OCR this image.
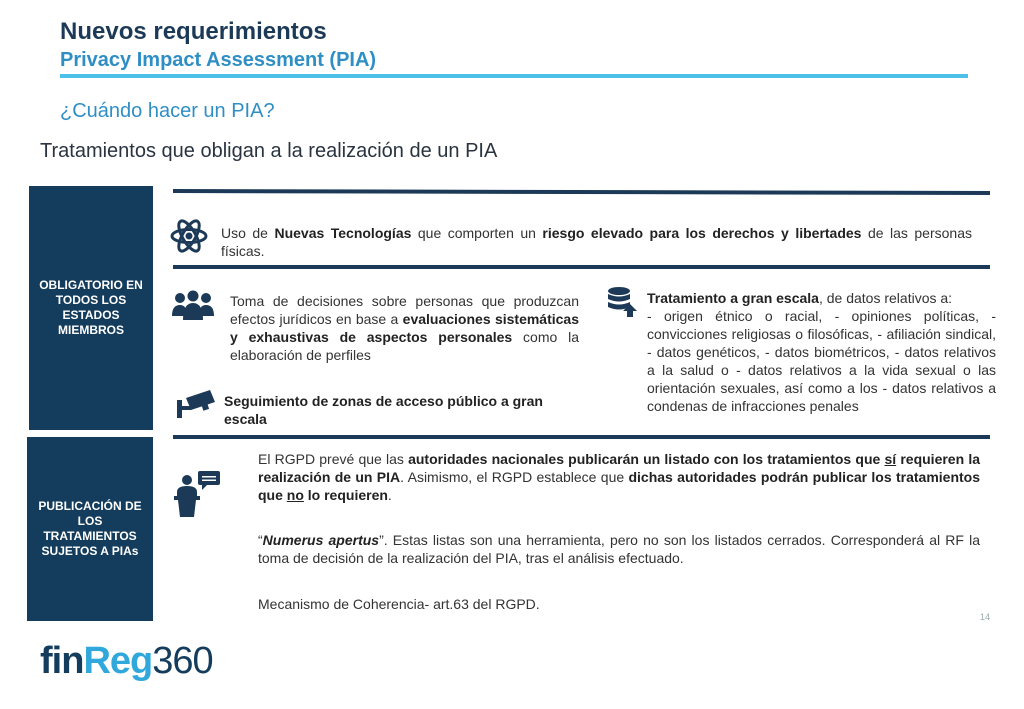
Nuevos requerimientos
Privacy Impact Assessment (PIA)
¿Cuándo hacer un PIA?
Tratamientos que obligan a la realización de un PIA
OBLIGATORIO EN TODOS LOS ESTADOS MIEMBROS
PUBLICACIÓN DE LOS TRATAMIENTOS SUJETOS A PIAs
Uso de Nuevas Tecnologías que comporten un riesgo elevado para los derechos y libertades de las personas físicas.
Toma de decisiones sobre personas que produzcan efectos jurídicos en base a evaluaciones sistemáticas y exhaustivas de aspectos personales como la elaboración de perfiles
Tratamiento a gran escala, de datos relativos a:
- origen étnico o racial, - opiniones políticas, - convicciones religiosas o filosóficas, - afiliación sindical, - datos genéticos, - datos biométricos, - datos relativos a la salud o - datos relativos a la vida sexual o las orientación sexuales, así como a los - datos relativos a condenas de infracciones penales
Seguimiento de zonas de acceso público a gran escala
El RGPD prevé que las autoridades nacionales publicarán un listado con los tratamientos que sí requieren la realización de un PIA. Asimismo, el RGPD establece que dichas autoridades podrán publicar los tratamientos que no lo requieren.
“Numerus apertus”. Estas listas son una herramienta, pero no son los listados cerrados. Corresponderá al RF la toma de decisión de la realización del PIA, tras el análisis efectuado.
Mecanismo de Coherencia- art.63 del RGPD.
14
finReg360
